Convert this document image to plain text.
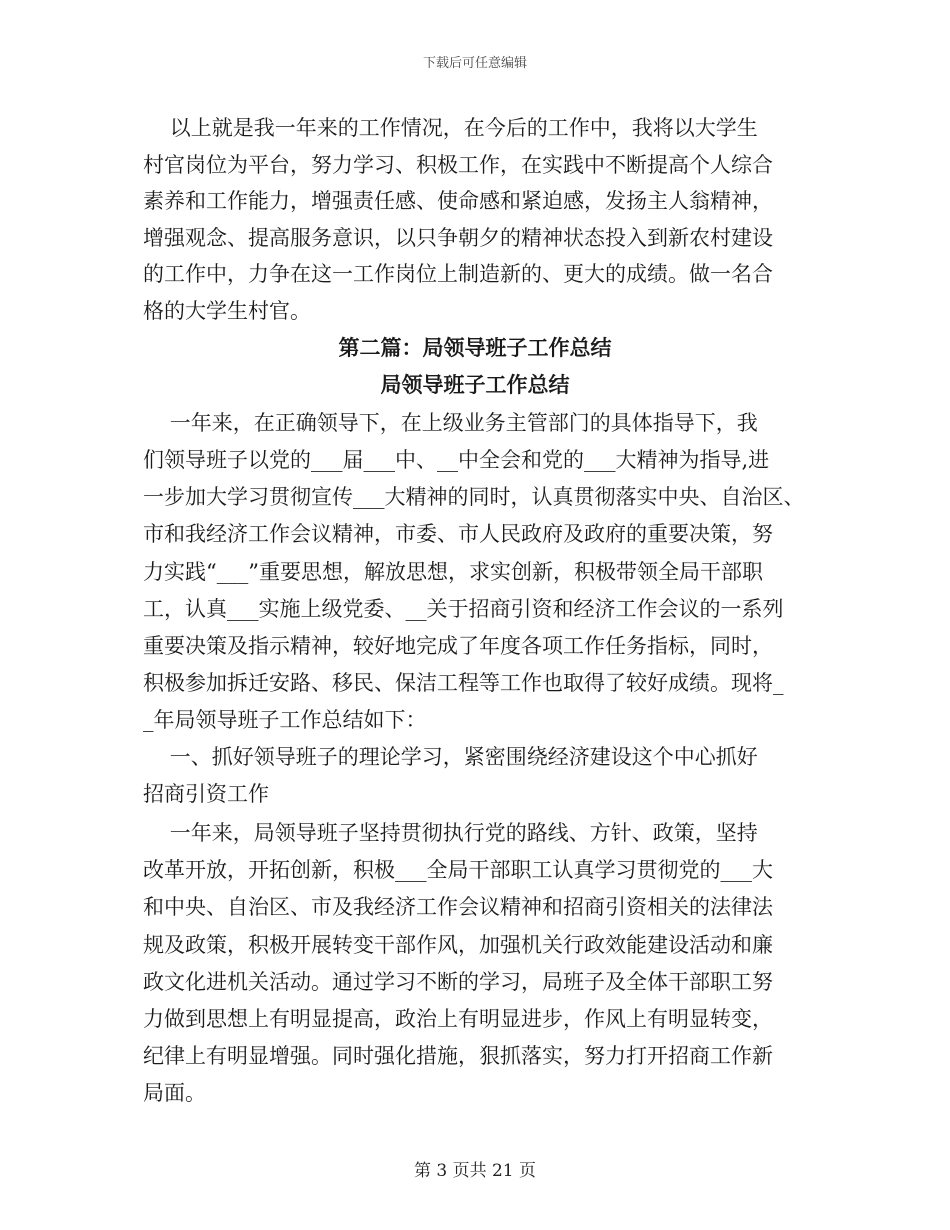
下载后可任意编辑
以上就是我一年来的工作情况，在今后的工作中，我将以大学生
村官岗位为平台，努力学习、积极工作，在实践中不断提高个人综合
素养和工作能力，增强责任感、使命感和紧迫感，发扬主人翁精神，
增强观念、提高服务意识，以只争朝夕的精神状态投入到新农村建设
的工作中，力争在这一工作岗位上制造新的、更大的成绩。做一名合
格的大学生村官。
第二篇：局领导班子工作总结
局领导班子工作总结
一年来，在正确领导下，在上级业务主管部门的具体指导下，我
们领导班子以党的___届___中、__中全会和党的___大精神为指导,进
一步加大学习贯彻宣传___大精神的同时，认真贯彻落实中央、自治区、
市和我经济工作会议精神，市委、市人民政府及政府的重要决策，努
力实践“___”重要思想，解放思想，求实创新，积极带领全局干部职
工，认真___实施上级党委、__关于招商引资和经济工作会议的一系列
重要决策及指示精神，较好地完成了年度各项工作任务指标，同时，
积极参加拆迁安路、移民、保洁工程等工作也取得了较好成绩。现将_
_年局领导班子工作总结如下：
一、抓好领导班子的理论学习，紧密围绕经济建设这个中心抓好
招商引资工作
一年来，局领导班子坚持贯彻执行党的路线、方针、政策，坚持
改革开放，开拓创新，积极___全局干部职工认真学习贯彻党的___大
和中央、自治区、市及我经济工作会议精神和招商引资相关的法律法
规及政策，积极开展转变干部作风，加强机关行政效能建设活动和廉
政文化进机关活动。通过学习不断的学习，局班子及全体干部职工努
力做到思想上有明显提高，政治上有明显进步，作风上有明显转变，
纪律上有明显增强。同时强化措施，狠抓落实，努力打开招商工作新
局面。
第 3 页共 21 页
